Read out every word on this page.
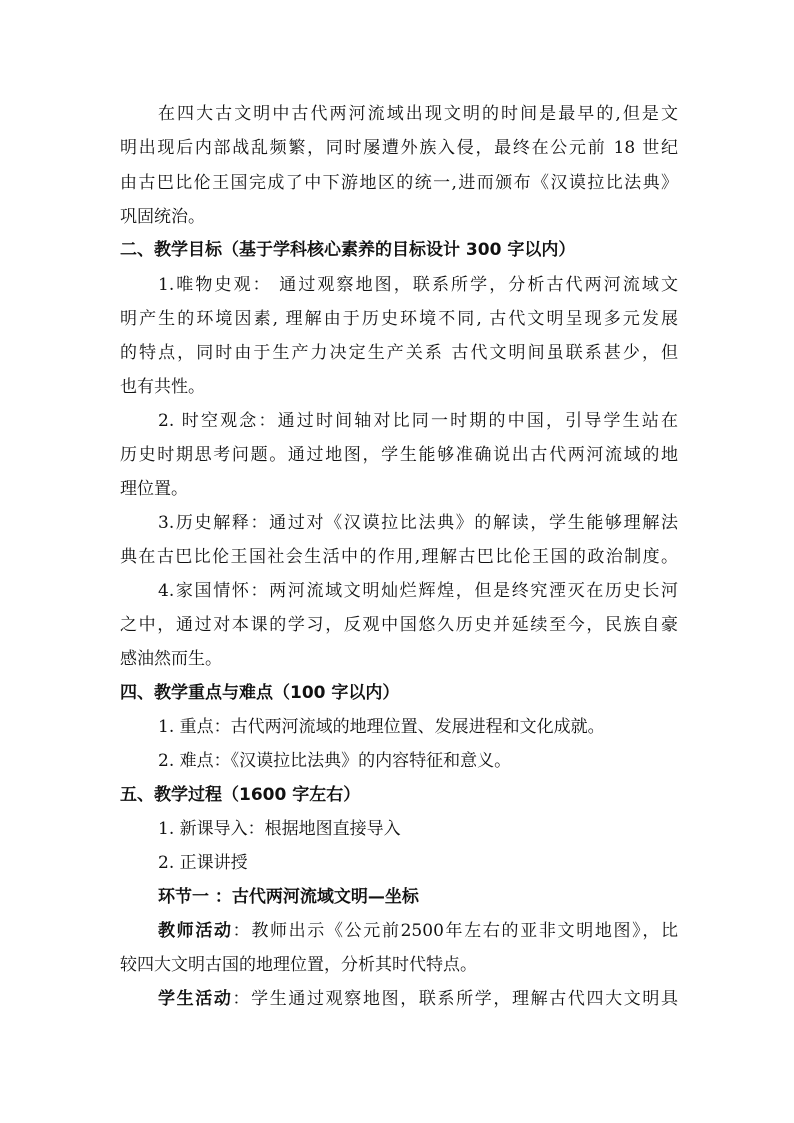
在四大古文明中古代两河流域出现文明的时间是最早的,但是文
明出现后内部战乱频繁，同时屡遭外族入侵，最终在公元前 18 世纪
由古巴比伦王国完成了中下游地区的统一,进而颁布《汉谟拉比法典》
巩固统治。
二、教学目标（基于学科核心素养的目标设计 300 字以内）
1.唯物史观： 通过观察地图，联系所学，分析古代两河流域文
明产生的环境因素, 理解由于历史环境不同, 古代文明呈现多元发展
的特点，同时由于生产力决定生产关系 古代文明间虽联系甚少，但
也有共性。
2. 时空观念：通过时间轴对比同一时期的中国，引导学生站在
历史时期思考问题。通过地图，学生能够准确说出古代两河流域的地
理位置。
3.历史解释：通过对《汉谟拉比法典》的解读，学生能够理解法
典在古巴比伦王国社会生活中的作用,理解古巴比伦王国的政治制度。
4.家国情怀：两河流域文明灿烂辉煌，但是终究湮灭在历史长河
之中，通过对本课的学习，反观中国悠久历史并延续至今，民族自豪
感油然而生。
四、教学重点与难点（100 字以内）
1. 重点：古代两河流域的地理位置、发展进程和文化成就。
2. 难点：《汉谟拉比法典》的内容特征和意义。
五、教学过程（1600 字左右）
1. 新课导入：根据地图直接导入
2. 正课讲授
环节一 ：古代两河流域文明—坐标
教师活动：教师出示《公元前2500年左右的亚非文明地图》，比
较四大文明古国的地理位置，分析其时代特点。
学生活动：学生通过观察地图，联系所学，理解古代四大文明具
